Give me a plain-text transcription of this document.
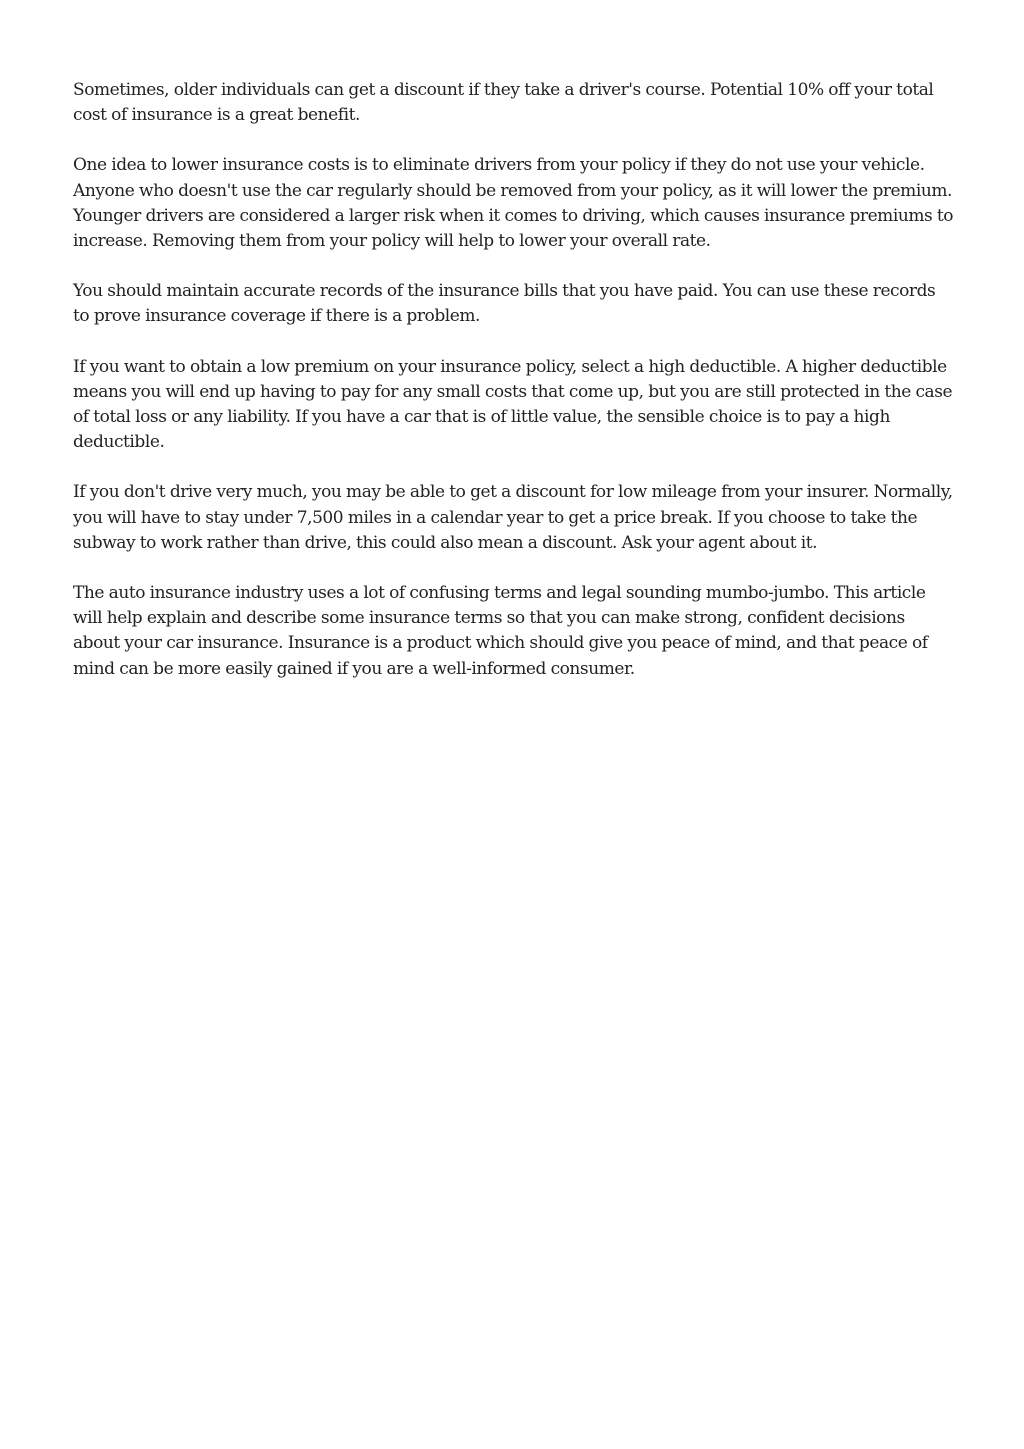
Sometimes, older individuals can get a discount if they take a driver's course. Potential 10% off your total cost of insurance is a great benefit.

One idea to lower insurance costs is to eliminate drivers from your policy if they do not use your vehicle. Anyone who doesn't use the car regularly should be removed from your policy, as it will lower the premium. Younger drivers are considered a larger risk when it comes to driving, which causes insurance premiums to increase. Removing them from your policy will help to lower your overall rate.

You should maintain accurate records of the insurance bills that you have paid. You can use these records to prove insurance coverage if there is a problem.

If you want to obtain a low premium on your insurance policy, select a high deductible. A higher deductible means you will end up having to pay for any small costs that come up, but you are still protected in the case of total loss or any liability. If you have a car that is of little value, the sensible choice is to pay a high deductible.

If you don't drive very much, you may be able to get a discount for low mileage from your insurer. Normally, you will have to stay under 7,500 miles in a calendar year to get a price break. If you choose to take the subway to work rather than drive, this could also mean a discount. Ask your agent about it.

The auto insurance industry uses a lot of confusing terms and legal sounding mumbo-jumbo. This article will help explain and describe some insurance terms so that you can make strong, confident decisions about your car insurance. Insurance is a product which should give you peace of mind, and that peace of mind can be more easily gained if you are a well-informed consumer.
